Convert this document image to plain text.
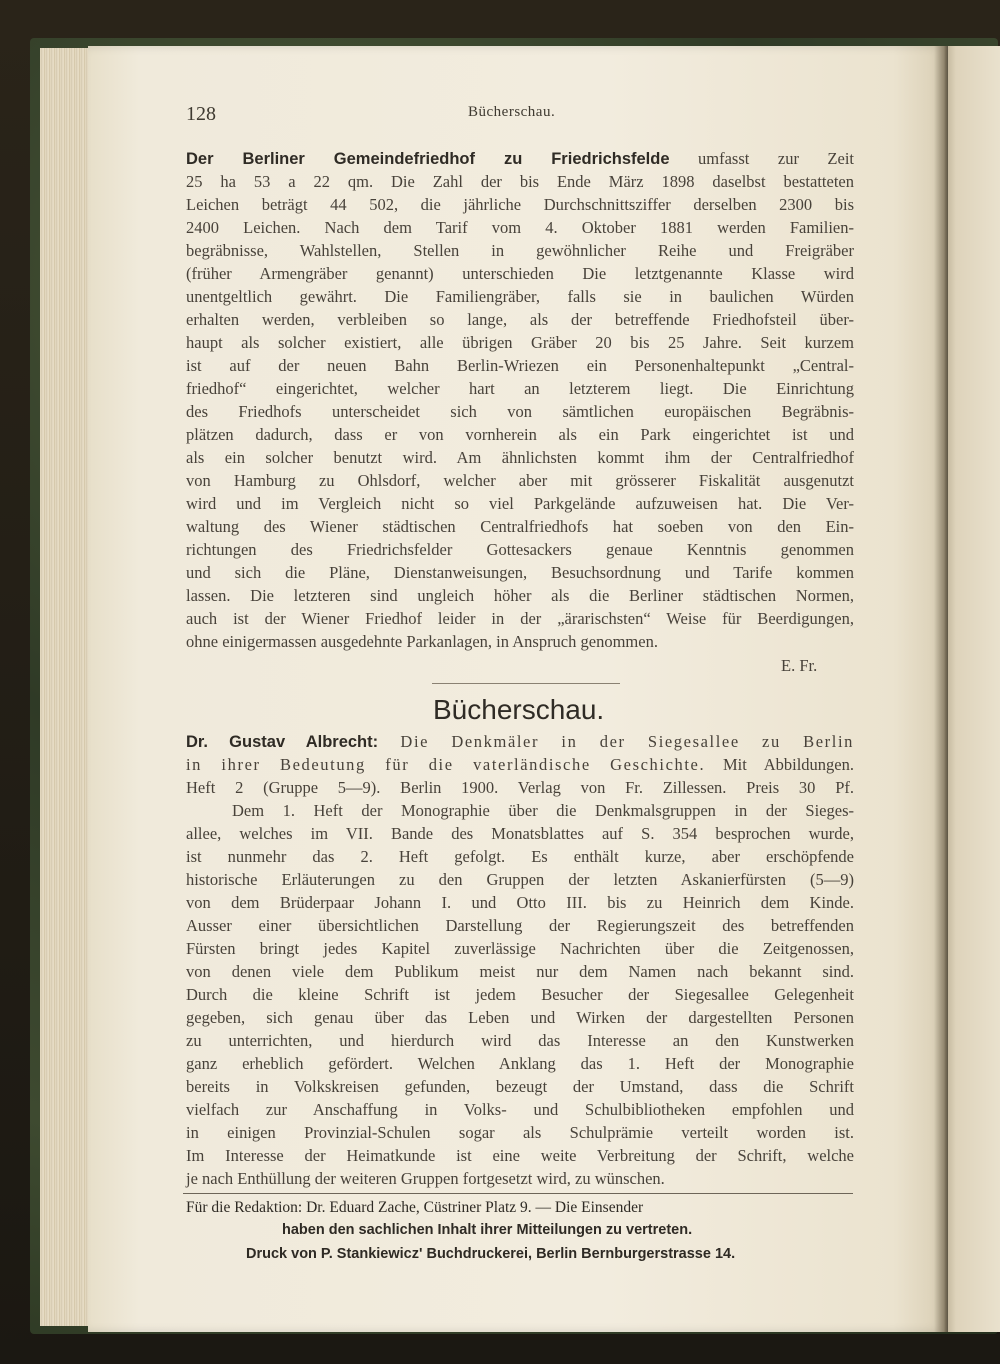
128	Bücherschau.
Der Berliner Gemeindefriedhof zu Friedrichsfelde umfasst zur Zeit
25 ha 53 a 22 qm. Die Zahl der bis Ende März 1898 daselbst bestatteten
Leichen beträgt 44 502, die jährliche Durchschnittsziffer derselben 2300 bis
2400 Leichen. Nach dem Tarif vom 4. Oktober 1881 werden Familien-
begräbnisse, Wahlstellen, Stellen in gewöhnlicher Reihe und Freigräber
(früher Armengräber genannt) unterschieden Die letztgenannte Klasse wird
unentgeltlich gewährt. Die Familiengräber, falls sie in baulichen Würden
erhalten werden, verbleiben so lange, als der betreffende Friedhofsteil über-
haupt als solcher existiert, alle übrigen Gräber 20 bis 25 Jahre. Seit kurzem
ist auf der neuen Bahn Berlin-Wriezen ein Personenhaltepunkt „Central-
friedhof“ eingerichtet, welcher hart an letzterem liegt. Die Einrichtung
des Friedhofs unterscheidet sich von sämtlichen europäischen Begräbnis-
plätzen dadurch, dass er von vornherein als ein Park eingerichtet ist und
als ein solcher benutzt wird. Am ähnlichsten kommt ihm der Centralfriedhof
von Hamburg zu Ohlsdorf, welcher aber mit grösserer Fiskalität ausgenutzt
wird und im Vergleich nicht so viel Parkgelände aufzuweisen hat. Die Ver-
waltung des Wiener städtischen Centralfriedhofs hat soeben von den Ein-
richtungen des Friedrichsfelder Gottesackers genaue Kenntnis genommen
und sich die Pläne, Dienstanweisungen, Besuchsordnung und Tarife kommen
lassen. Die letzteren sind ungleich höher als die Berliner städtischen Normen,
auch ist der Wiener Friedhof leider in der „ärarischsten“ Weise für Beerdigungen,
ohne einigermassen ausgedehnte Parkanlagen, in Anspruch genommen.
E. Fr.
Bücherschau.
Dr. Gustav Albrecht: Die Denkmäler in der Siegesallee zu Berlin
in ihrer Bedeutung für die vaterländische Geschichte. Mit Abbildungen.
Heft 2 (Gruppe 5—9). Berlin 1900. Verlag von Fr. Zillessen. Preis 30 Pf.
Dem 1. Heft der Monographie über die Denkmalsgruppen in der Sieges-
allee, welches im VII. Bande des Monatsblattes auf S. 354 besprochen wurde,
ist nunmehr das 2. Heft gefolgt. Es enthält kurze, aber erschöpfende
historische Erläuterungen zu den Gruppen der letzten Askanierfürsten (5—9)
von dem Brüderpaar Johann I. und Otto III. bis zu Heinrich dem Kinde.
Ausser einer übersichtlichen Darstellung der Regierungszeit des betreffenden
Fürsten bringt jedes Kapitel zuverlässige Nachrichten über die Zeitgenossen,
von denen viele dem Publikum meist nur dem Namen nach bekannt sind.
Durch die kleine Schrift ist jedem Besucher der Siegesallee Gelegenheit
gegeben, sich genau über das Leben und Wirken der dargestellten Personen
zu unterrichten, und hierdurch wird das Interesse an den Kunstwerken
ganz erheblich gefördert. Welchen Anklang das 1. Heft der Monographie
bereits in Volkskreisen gefunden, bezeugt der Umstand, dass die Schrift
vielfach zur Anschaffung in Volks- und Schulbibliotheken empfohlen und
in einigen Provinzial-Schulen sogar als Schulprämie verteilt worden ist.
Im Interesse der Heimatkunde ist eine weite Verbreitung der Schrift, welche
je nach Enthüllung der weiteren Gruppen fortgesetzt wird, zu wünschen.
Für die Redaktion: Dr. Eduard Zache, Cüstriner Platz 9. — Die Einsender
haben den sachlichen Inhalt ihrer Mitteilungen zu vertreten.
Druck von P. Stankiewicz' Buchdruckerei, Berlin Bernburgerstrasse 14.
